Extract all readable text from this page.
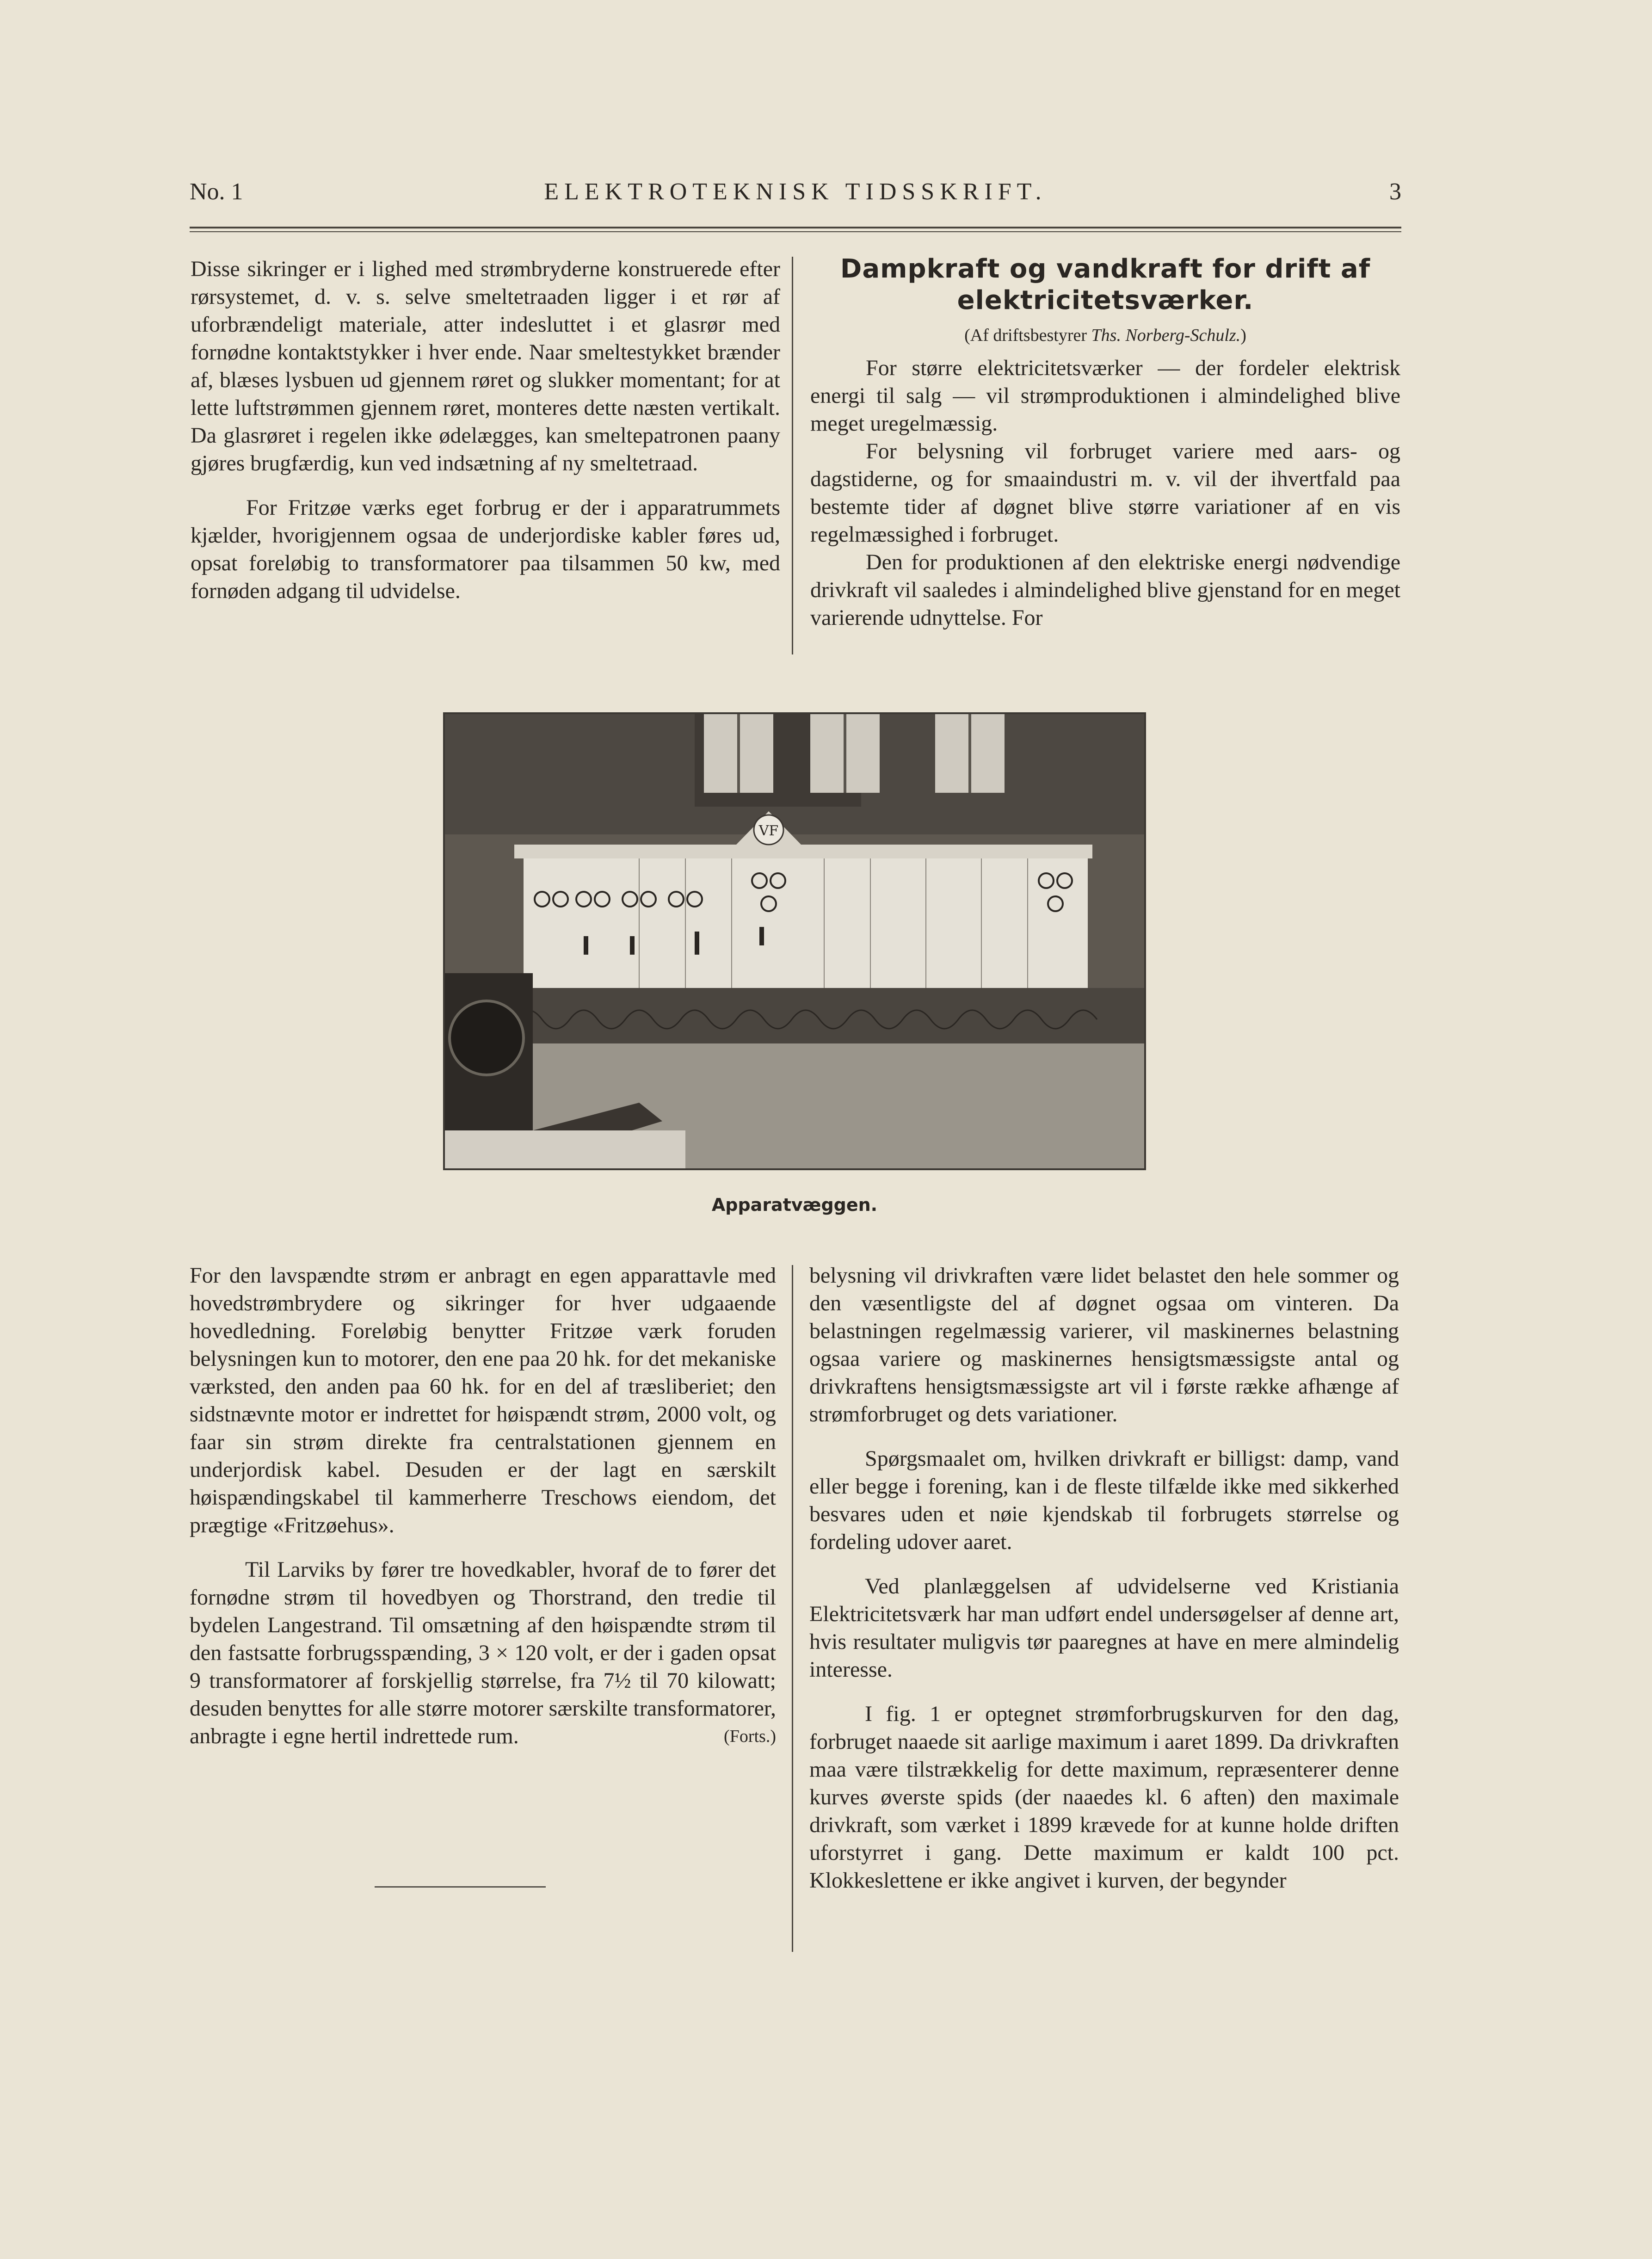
No. 1	ELEKTROTEKNISK TIDSSKRIFT.	3

Disse sikringer er i lighed med strømbryderne konstruerede efter rørsystemet, d. v. s. selve smeltetraaden ligger i et rør af uforbrændeligt materiale, atter indesluttet i et glasrør med fornødne kontaktstykker i hver ende. Naar smeltestykket brænder af, blæses lysbuen ud gjennem røret og slukker momentant; for at lette luftstrømmen gjennem røret, monteres dette næsten vertikalt. Da glasrøret i regelen ikke ødelægges, kan smeltepatronen paany gjøres brugfærdig, kun ved indsætning af ny smeltetraad.

For Fritzøe værks eget forbrug er der i apparatrummets kjælder, hvorigjennem ogsaa de underjordiske kabler føres ud, opsat foreløbig to transformatorer paa tilsammen 50 kw, med fornøden adgang til udvidelse.

Dampkraft og vandkraft for drift af elektricitetsværker.
(Af driftsbestyrer Ths. Norberg-Schulz.)

For større elektricitetsværker — der fordeler elektrisk energi til salg — vil strømproduktionen i almindelighed blive meget uregelmæssig.

For belysning vil forbruget variere med aars- og dagstiderne, og for smaaindustri m. v. vil der ihvertfald paa bestemte tider af døgnet blive større variationer af en vis regelmæssighed i forbruget.

Den for produktionen af den elektriske energi nødvendige drivkraft vil saaledes i almindelighed blive gjenstand for en meget varierende udnyttelse. For

VF
Apparatvæggen.

For den lavspændte strøm er anbragt en egen apparattavle med hovedstrømbrydere og sikringer for hver udgaaende hovedledning. Foreløbig benytter Fritzøe værk foruden belysningen kun to motorer, den ene paa 20 hk. for det mekaniske værksted, den anden paa 60 hk. for en del af træsliberiet; den sidstnævnte motor er indrettet for høispændt strøm, 2000 volt, og faar sin strøm direkte fra centralstationen gjennem en underjordisk kabel. Desuden er der lagt en særskilt høispændingskabel til kammerherre Treschows eiendom, det prægtige «Fritzøehus».

Til Larviks by fører tre hovedkabler, hvoraf de to fører det fornødne strøm til hovedbyen og Thorstrand, den tredie til bydelen Langestrand. Til omsætning af den høispændte strøm til den fastsatte forbrugsspænding, 3 × 120 volt, er der i gaden opsat 9 transformatorer af forskjellig størrelse, fra 7½ til 70 kilowatt; desuden benyttes for alle større motorer særskilte transformatorer, anbragte i egne hertil indrettede rum.	(Forts.)

belysning vil drivkraften være lidet belastet den hele sommer og den væsentligste del af døgnet ogsaa om vinteren. Da belastningen regelmæssig varierer, vil maskinernes belastning ogsaa variere og maskinernes hensigtsmæssigste antal og drivkraftens hensigtsmæssigste art vil i første række afhænge af strømforbruget og dets variationer.

Spørgsmaalet om, hvilken drivkraft er billigst: damp, vand eller begge i forening, kan i de fleste tilfælde ikke med sikkerhed besvares uden et nøie kjendskab til forbrugets størrelse og fordeling udover aaret.

Ved planlæggelsen af udvidelserne ved Kristiania Elektricitetsværk har man udført endel undersøgelser af denne art, hvis resultater muligvis tør paaregnes at have en mere almindelig interesse.

I fig. 1 er optegnet strømforbrugskurven for den dag, forbruget naaede sit aarlige maximum i aaret 1899. Da drivkraften maa være tilstrækkelig for dette maximum, repræsenterer denne kurves øverste spids (der naaedes kl. 6 aften) den maximale drivkraft, som værket i 1899 krævede for at kunne holde driften uforstyrret i gang. Dette maximum er kaldt 100 pct. Klokkeslettene er ikke angivet i kurven, der begynder
